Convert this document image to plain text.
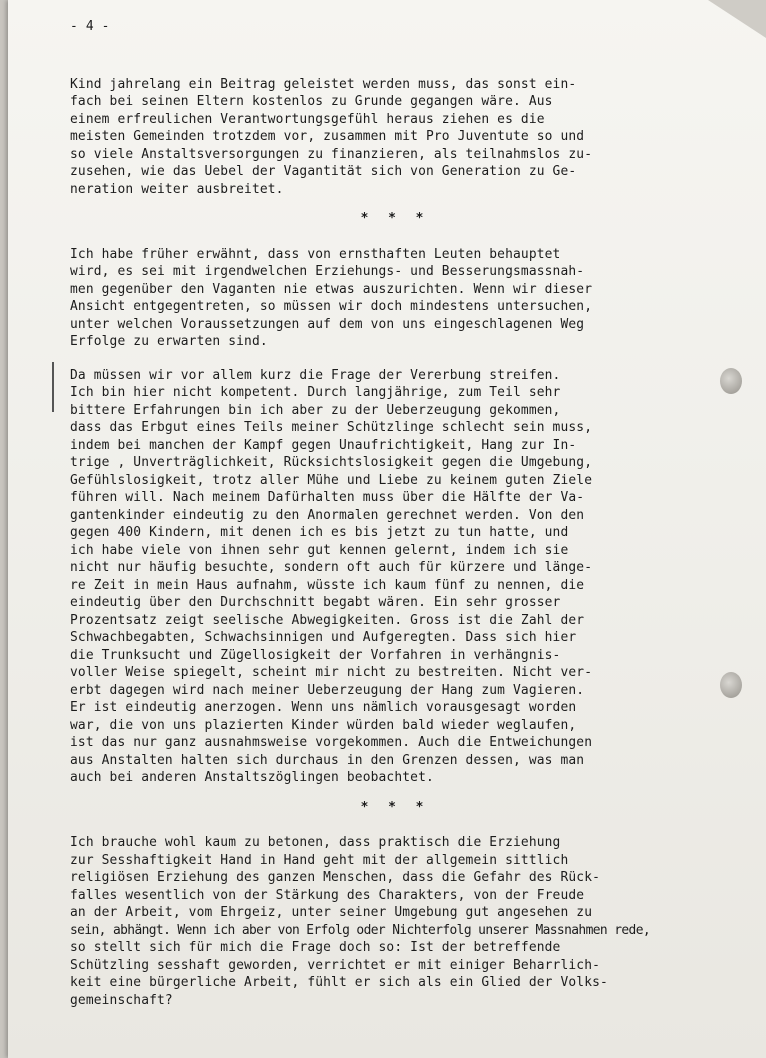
- 4 -
Kind jahrelang ein Beitrag geleistet werden muss, das sonst ein-
fach bei seinen Eltern kostenlos zu Grunde gegangen wäre. Aus
einem erfreulichen Verantwortungsgefühl heraus ziehen es die
meisten Gemeinden trotzdem vor, zusammen mit Pro Juventute so und
so viele Anstaltsversorgungen zu finanzieren, als teilnahmslos zu-
zusehen, wie das Uebel der Vagantität sich von Generation zu Ge-
neration weiter ausbreitet.
* * *
Ich habe früher erwähnt, dass von ernsthaften Leuten behauptet
wird, es sei mit irgendwelchen Erziehungs- und Besserungsmassnah-
men gegenüber den Vaganten nie etwas auszurichten. Wenn wir dieser
Ansicht entgegentreten, so müssen wir doch mindestens untersuchen,
unter welchen Voraussetzungen auf dem von uns eingeschlagenen Weg
Erfolge zu erwarten sind.
Da müssen wir vor allem kurz die Frage der Vererbung streifen.
Ich bin hier nicht kompetent. Durch langjährige, zum Teil sehr
bittere Erfahrungen bin ich aber zu der Ueberzeugung gekommen,
dass das Erbgut eines Teils meiner Schützlinge schlecht sein muss,
indem bei manchen der Kampf gegen Unaufrichtigkeit, Hang zur In-
trige , Unverträglichkeit, Rücksichtslosigkeit gegen die Umgebung,
Gefühlslosigkeit, trotz aller Mühe und Liebe zu keinem guten Ziele
führen will. Nach meinem Dafürhalten muss über die Hälfte der Va-
gantenkinder eindeutig zu den Anormalen gerechnet werden. Von den
gegen 400 Kindern, mit denen ich es bis jetzt zu tun hatte, und
ich habe viele von ihnen sehr gut kennen gelernt, indem ich sie
nicht nur häufig besuchte, sondern oft auch für kürzere und länge-
re Zeit in mein Haus aufnahm, wüsste ich kaum fünf zu nennen, die
eindeutig über den Durchschnitt begabt wären. Ein sehr grosser
Prozentsatz zeigt seelische Abwegigkeiten. Gross ist die Zahl der
Schwachbegabten, Schwachsinnigen und Aufgeregten. Dass sich hier
die Trunksucht und Zügellosigkeit der Vorfahren in verhängnis-
voller Weise spiegelt, scheint mir nicht zu bestreiten. Nicht ver-
erbt dagegen wird nach meiner Ueberzeugung der Hang zum Vagieren.
Er ist eindeutig anerzogen. Wenn uns nämlich vorausgesagt worden
war, die von uns plazierten Kinder würden bald wieder weglaufen,
ist das nur ganz ausnahmsweise vorgekommen. Auch die Entweichungen
aus Anstalten halten sich durchaus in den Grenzen dessen, was man
auch bei anderen Anstaltszöglingen beobachtet.
* * *
Ich brauche wohl kaum zu betonen, dass praktisch die Erziehung
zur Sesshaftigkeit Hand in Hand geht mit der allgemein sittlich
religiösen Erziehung des ganzen Menschen, dass die Gefahr des Rück-
falles wesentlich von der Stärkung des Charakters, von der Freude
an der Arbeit, vom Ehrgeiz, unter seiner Umgebung gut angesehen zu
sein, abhängt. Wenn ich aber von Erfolg oder Nichterfolg unserer Massnahmen rede,
so stellt sich für mich die Frage doch so: Ist der betreffende
Schützling sesshaft geworden, verrichtet er mit einiger Beharrlich-
keit eine bürgerliche Arbeit, fühlt er sich als ein Glied der Volks-
gemeinschaft?
